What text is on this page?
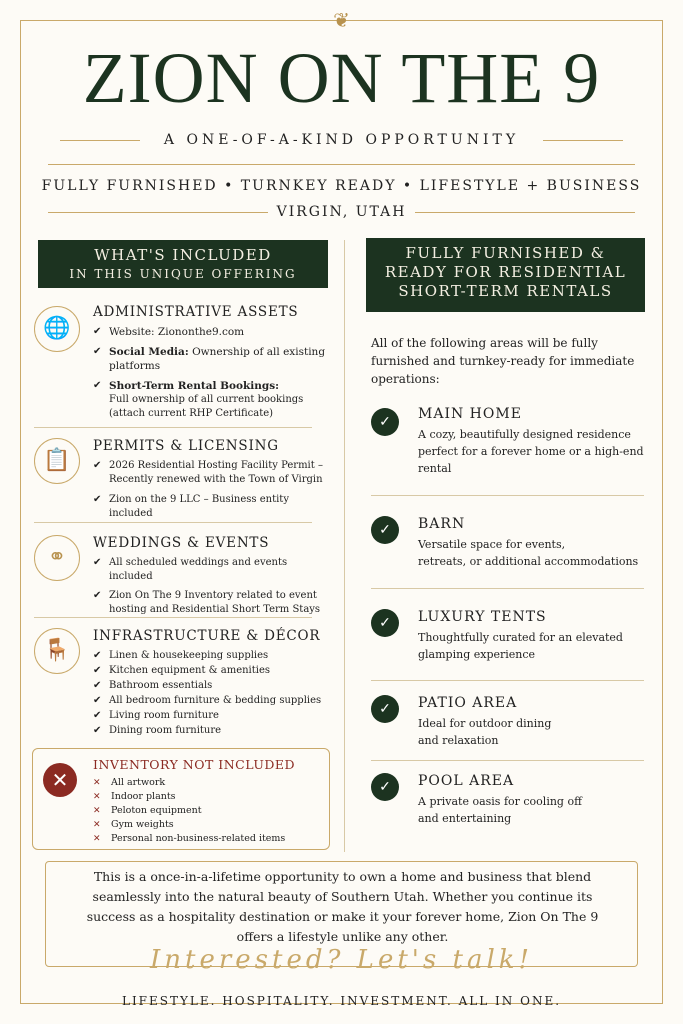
❦
ZION ON THE 9
A ONE-OF-A-KIND OPPORTUNITY
FULLY FURNISHED • TURNKEY READY • LIFESTYLE + BUSINESS
VIRGIN, UTAH
WHAT'S INCLUDED
IN THIS UNIQUE OFFERING
🌐
ADMINISTRATIVE ASSETS
✔ Website: Ziononthe9.com
✔ Social Media: Ownership of all existing platforms
✔ Short-Term Rental Bookings:
Full ownership of all current bookings
(attach current RHP Certificate)
📋
PERMITS & LICENSING
✔ 2026 Residential Hosting Facility Permit –
Recently renewed with the Town of Virgin
✔ Zion on the 9 LLC – Business entity included
⚭
WEDDINGS & EVENTS
✔ All scheduled weddings and events included
✔ Zion On The 9 Inventory related to event
hosting and Residential Short Term Stays
🪑
INFRASTRUCTURE & DÉCOR
✔ Linen & housekeeping supplies
✔ Kitchen equipment & amenities
✔ Bathroom essentials
✔ All bedroom furniture & bedding supplies
✔ Living room furniture
✔ Dining room furniture
✕
INVENTORY NOT INCLUDED
✕ All artwork
✕ Indoor plants
✕ Peloton equipment
✕ Gym weights
✕ Personal non-business-related items
FULLY FURNISHED &
READY FOR RESIDENTIAL
SHORT-TERM RENTALS
All of the following areas will be fully furnished and turnkey-ready for immediate operations:
✓	MAIN HOME
A cozy, beautifully designed residence
perfect for a forever home or a high-end
rental
✓	BARN
Versatile space for events,
retreats, or additional accommodations
✓	LUXURY TENTS
Thoughtfully curated for an elevated
glamping experience
✓	PATIO AREA
Ideal for outdoor dining
and relaxation
✓	POOL AREA
A private oasis for cooling off
and entertaining
This is a once-in-a-lifetime opportunity to own a home and business that blend seamlessly into the natural beauty of Southern Utah. Whether you continue its success as a hospitality destination or make it your forever home, Zion On The 9 offers a lifestyle unlike any other.
Interested? Let's talk!
LIFESTYLE. HOSPITALITY. INVESTMENT. ALL IN ONE.
